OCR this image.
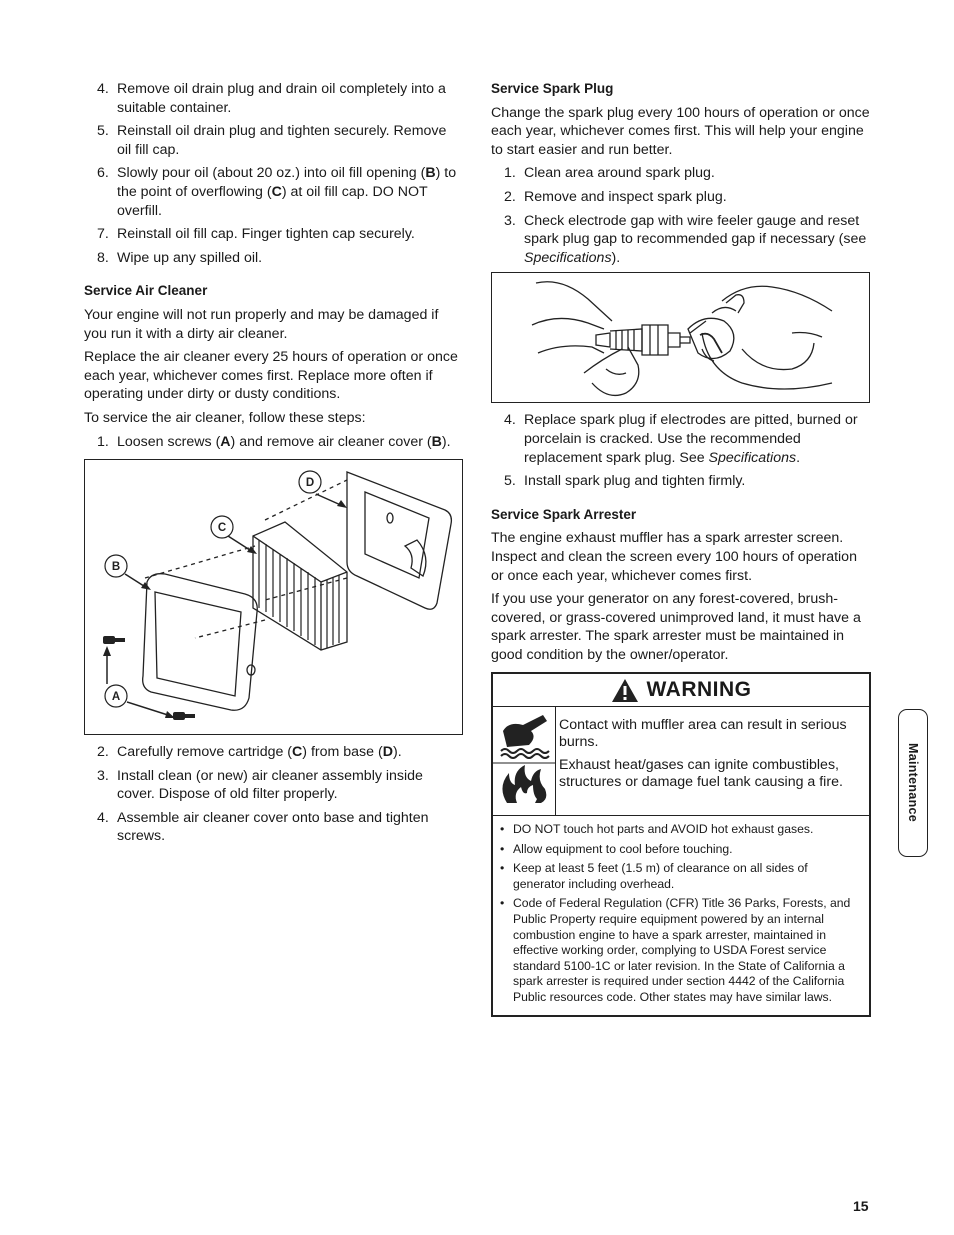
4. Remove oil drain plug and drain oil completely into a suitable container.
5. Reinstall oil drain plug and tighten securely. Remove oil fill cap.
6. Slowly pour oil (about 20 oz.) into oil fill opening (B) to the point of overflowing (C) at oil fill cap. DO NOT overfill.
7. Reinstall oil fill cap. Finger tighten cap securely.
8. Wipe up any spilled oil.
Service Air Cleaner

Your engine will not run properly and may be damaged if you run it with a dirty air cleaner.

Replace the air cleaner every 25 hours of operation or once each year, whichever comes first. Replace more often if operating under dirty or dusty conditions.

To service the air cleaner, follow these steps:

1. Loosen screws (A) and remove air cleaner cover (B).
D
C
B
A
2. Carefully remove cartridge (C) from base (D).
3. Install clean (or new) air cleaner assembly inside cover. Dispose of old filter properly.
4. Assemble air cleaner cover onto base and tighten screws.
Service Spark Plug

Change the spark plug every 100 hours of operation or once each year, whichever comes first. This will help your engine to start easier and run better.

1. Clean area around spark plug.
2. Remove and inspect spark plug.
3. Check electrode gap with wire feeler gauge and reset spark plug gap to recommended gap if necessary (see Specifications).
4. Replace spark plug if electrodes are pitted, burned or porcelain is cracked. Use the recommended replacement spark plug. See Specifications.
5. Install spark plug and tighten firmly.
Service Spark Arrester

The engine exhaust muffler has a spark arrester screen. Inspect and clean the screen every 100 hours of operation or once each year, whichever comes first.

If you use your generator on any forest-covered, brush-covered, or grass-covered unimproved land, it must have a spark arrester. The spark arrester must be maintained in good condition by the owner/operator.

WARNING

Contact with muffler area can result in serious burns.

Exhaust heat/gases can ignite combustibles, structures or damage fuel tank causing a fire.

• DO NOT touch hot parts and AVOID hot exhaust gases.
• Allow equipment to cool before touching.
• Keep at least 5 feet (1.5 m) of clearance on all sides of generator including overhead.
• Code of Federal Regulation (CFR) Title 36 Parks, Forests, and Public Property require equipment powered by an internal combustion engine to have a spark arrester, maintained in effective working order, complying to USDA Forest service standard 5100-1C or later revision. In the State of California a spark arrester is required under section 4442 of the California Public resources code. Other states may have similar laws.
Maintenance
15
